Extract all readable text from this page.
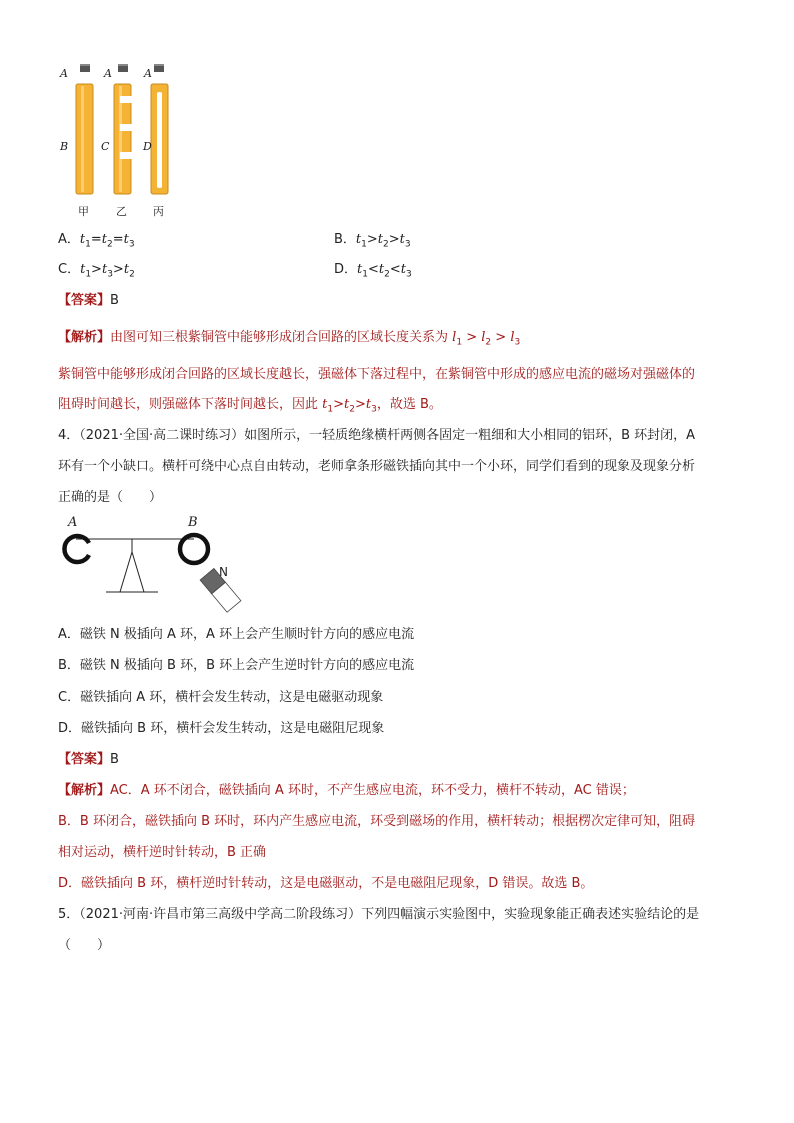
A	A	A
B	C	D
甲 乙 丙
A．$t_1=t_2=t_3$	B．$t_1>t_2>t_3$
C．$t_1>t_3>t_2$	D．$t_1<t_2<t_3$
【答案】B
【解析】由图可知三根紫铜管中能够形成闭合回路的区域长度关系为 $l_1 > l_2 > l_3$
紫铜管中能够形成闭合回路的区域长度越长，强磁体下落过程中，在紫铜管中形成的感应电流的磁场对强磁体的
阻碍时间越长，则强磁体下落时间越长，因此 $t_1>t_2>t_3$，故选 B。
4．（2021·全国·高二课时练习）如图所示，一轻质绝缘横杆两侧各固定一粗细和大小相同的铝环，B 环封闭，A
环有一个小缺口。横杆可绕中心点自由转动，老师拿条形磁铁插向其中一个小环，同学们看到的现象及现象分析
正确的是（　　）
A	B
N
A．磁铁 N 极插向 A 环，A 环上会产生顺时针方向的感应电流
B．磁铁 N 极插向 B 环，B 环上会产生逆时针方向的感应电流
C．磁铁插向 A 环，横杆会发生转动，这是电磁驱动现象
D．磁铁插向 B 环，横杆会发生转动，这是电磁阻尼现象
【答案】B
【解析】AC．A 环不闭合，磁铁插向 A 环时，不产生感应电流，环不受力，横杆不转动，AC 错误；
B．B 环闭合，磁铁插向 B 环时，环内产生感应电流，环受到磁场的作用，横杆转动；根据楞次定律可知，阻碍
相对运动，横杆逆时针转动，B 正确
D．磁铁插向 B 环，横杆逆时针转动，这是电磁驱动，不是电磁阻尼现象，D 错误。故选 B。
5．（2021·河南·许昌市第三高级中学高二阶段练习）下列四幅演示实验图中，实验现象能正确表述实验结论的是
（　　）
